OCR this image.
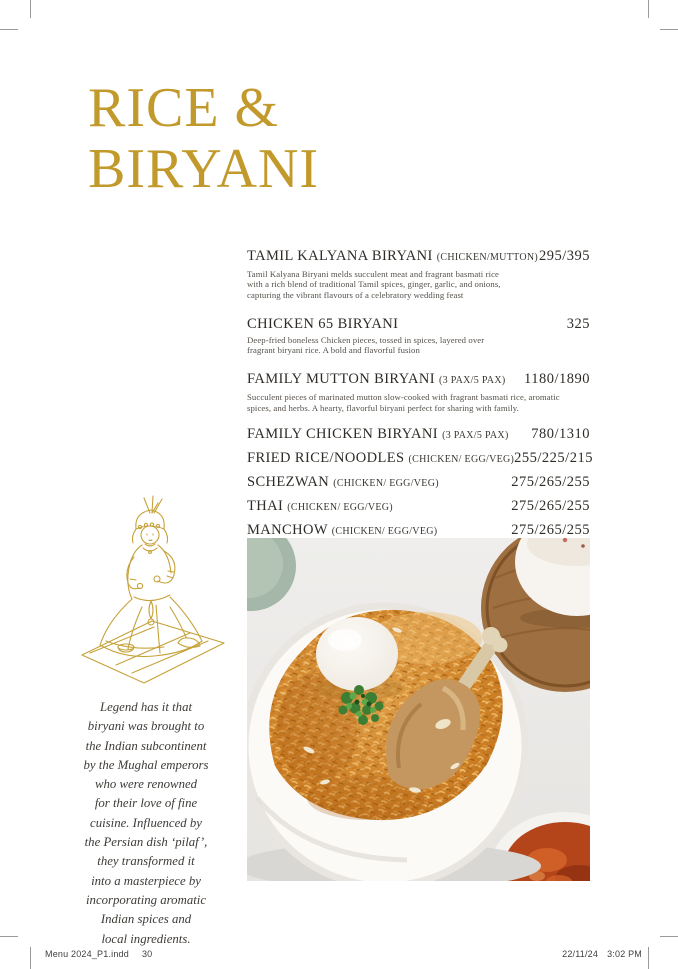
RICE &
BIRYANI
TAMIL KALYANA BIRYANI (CHICKEN/MUTTON) 295/395
Tamil Kalyana Biryani melds succulent meat and fragrant basmati rice
with a rich blend of traditional Tamil spices, ginger, garlic, and onions,
capturing the vibrant flavours of a celebratory wedding feast
CHICKEN 65 BIRYANI	325
Deep-fried boneless Chicken pieces, tossed in spices, layered over
fragrant biryani rice. A bold and flavorful fusion
FAMILY MUTTON BIRYANI (3 PAX/5 PAX) 1180/1890
Succulent pieces of marinated mutton slow-cooked with fragrant basmati rice, aromatic
spices, and herbs. A hearty, flavorful biryani perfect for sharing with family.
FAMILY CHICKEN BIRYANI (3 PAX/5 PAX) 780/1310
FRIED RICE/NOODLES (CHICKEN/ EGG/VEG) 255/225/215
SCHEZWAN (CHICKEN/ EGG/VEG)	275/265/255
THAI (CHICKEN/ EGG/VEG)	275/265/255
MANCHOW (CHICKEN/ EGG/VEG)	275/265/255
Legend has it that
biryani was brought to
the Indian subcontinent
by the Mughal emperors
who were renowned
for their love of fine
cuisine. Influenced by
the Persian dish ‘pilaf’,
they transformed it
into a masterpiece by
incorporating aromatic
Indian spices and
local ingredients.
Menu 2024_P1.indd 30	22/11/24 3:02 PM
